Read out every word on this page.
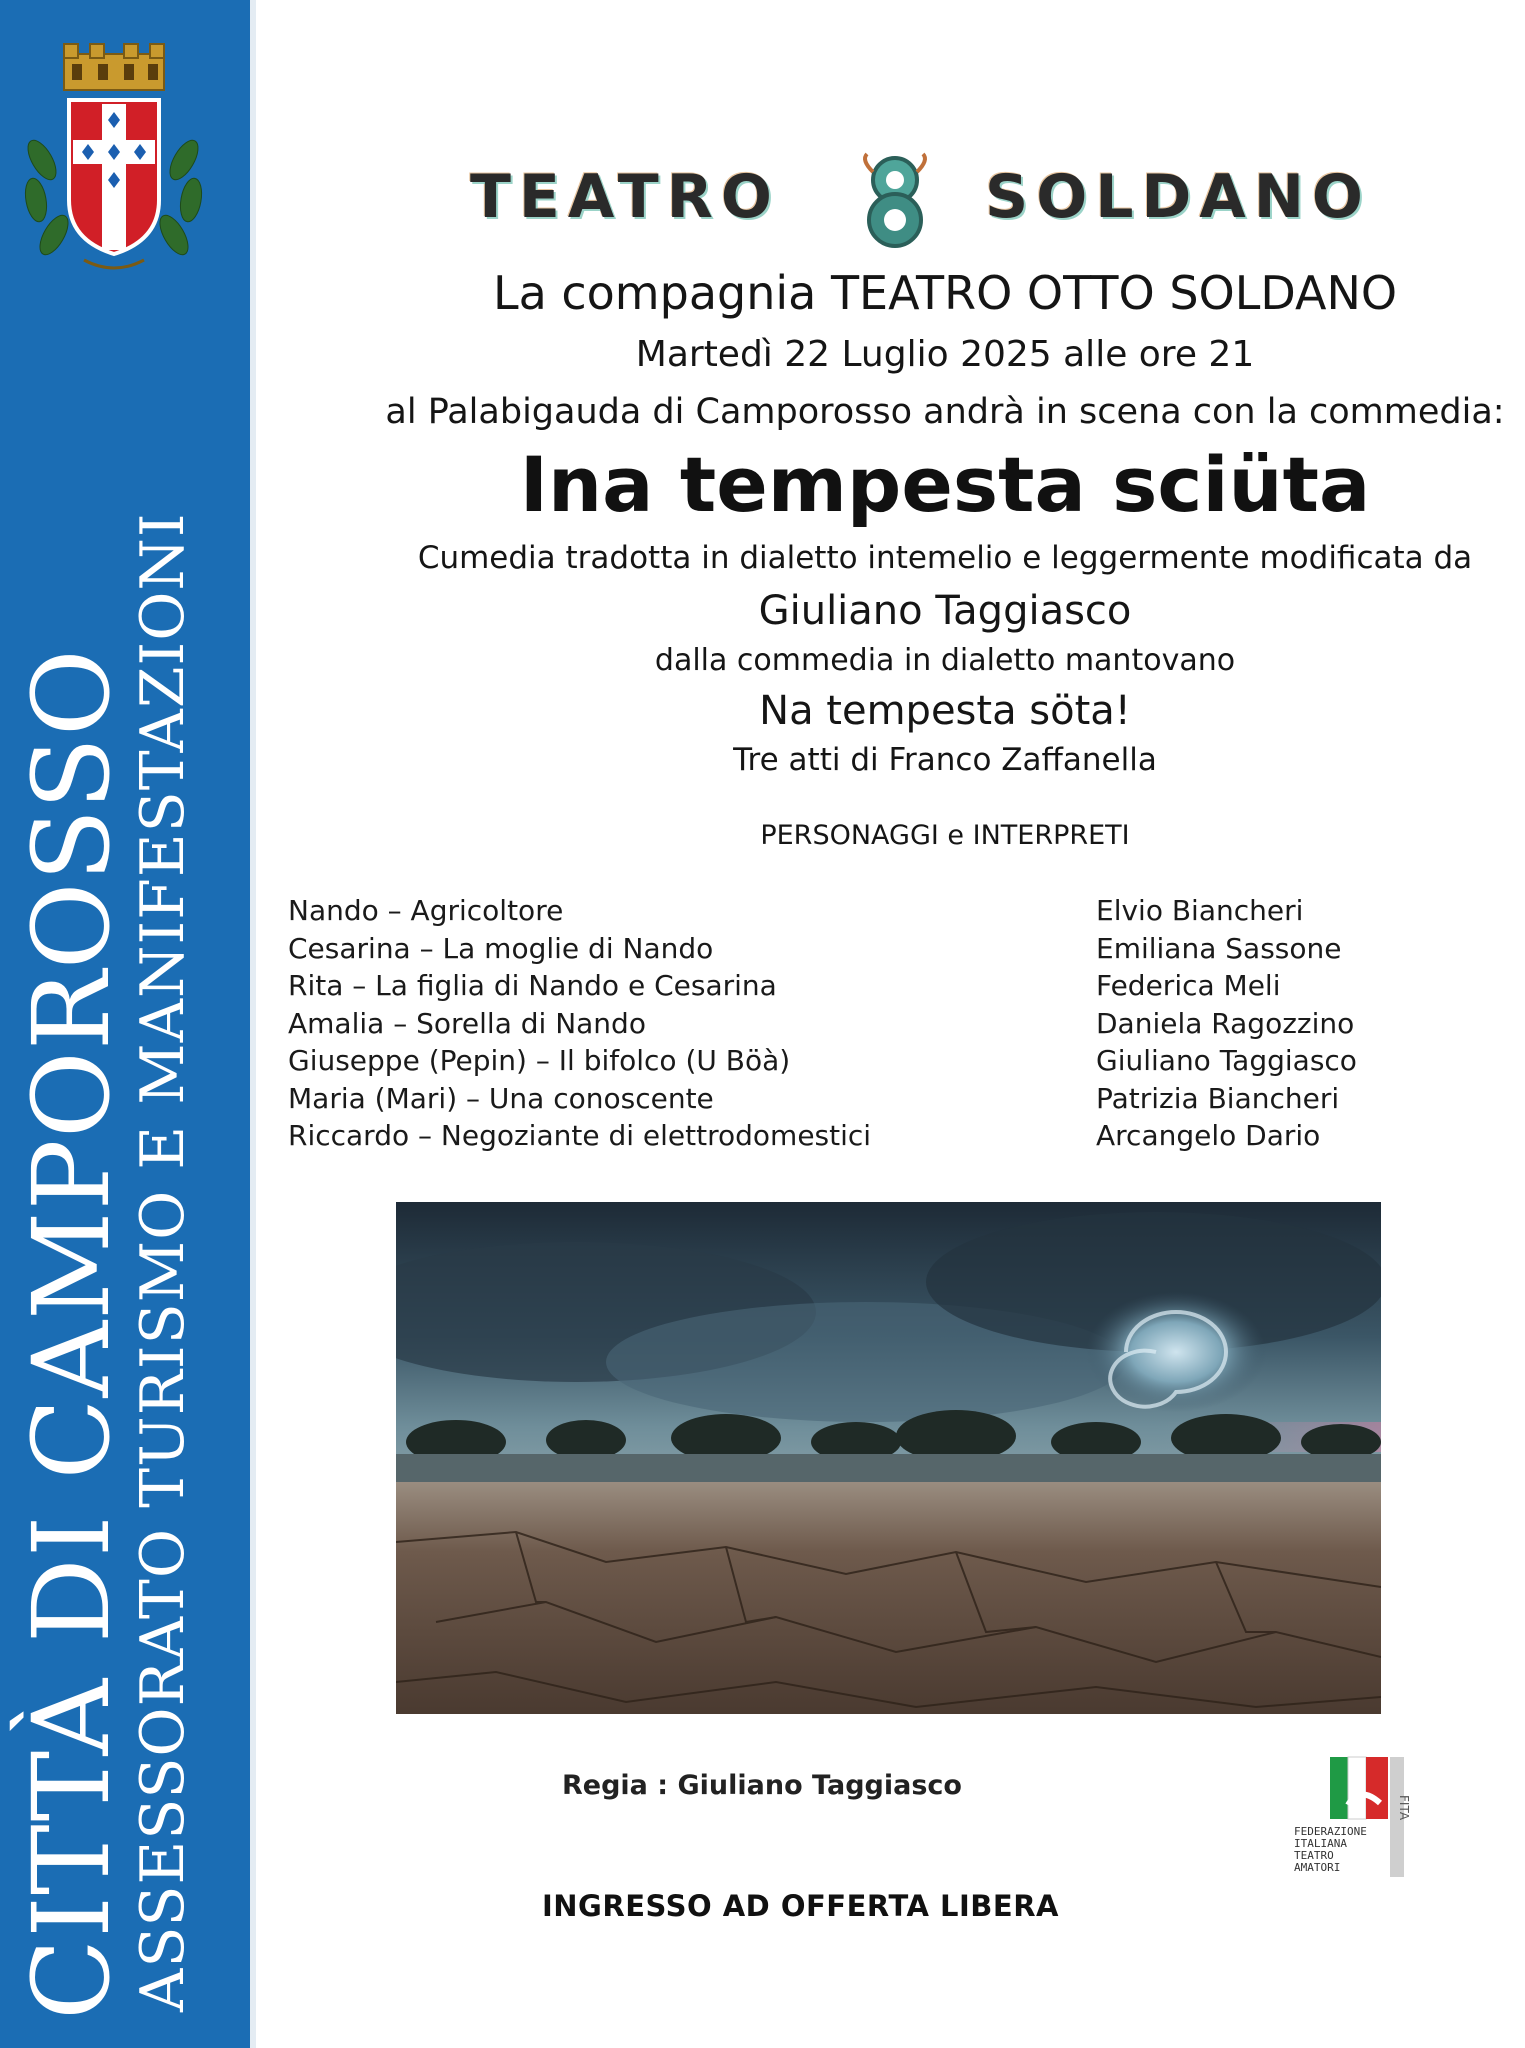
CITTÀ DI CAMPOROSSO
ASSESSORATO TURISMO E MANIFESTAZIONI
TEATRO	SOLDANO
La compagnia TEATRO OTTO SOLDANO
Martedì 22 Luglio 2025 alle ore 21
al Palabigauda di Camporosso andrà in scena con la commedia:
Ina tempesta sciüta
Cumedia tradotta in dialetto intemelio e leggermente modificata da
Giuliano Taggiasco
dalla commedia in dialetto mantovano
Na tempesta söta!
Tre atti di Franco Zaffanella
PERSONAGGI e INTERPRETI
Nando – Agricoltore	Elvio Biancheri
Cesarina – La moglie di Nando	Emiliana Sassone
Rita – La figlia di Nando e Cesarina	Federica Meli
Amalia – Sorella di Nando	Daniela Ragozzino
Giuseppe (Pepin) – Il bifolco (U Böà)	Giuliano Taggiasco
Maria (Mari) – Una conoscente	Patrizia Biancheri
Riccardo – Negoziante di elettrodomestici	Arcangelo Dario
Regia : Giuliano Taggiasco
INGRESSO AD OFFERTA LIBERA
FITA
FEDERAZIONE
ITALIANA
TEATRO
AMATORI
